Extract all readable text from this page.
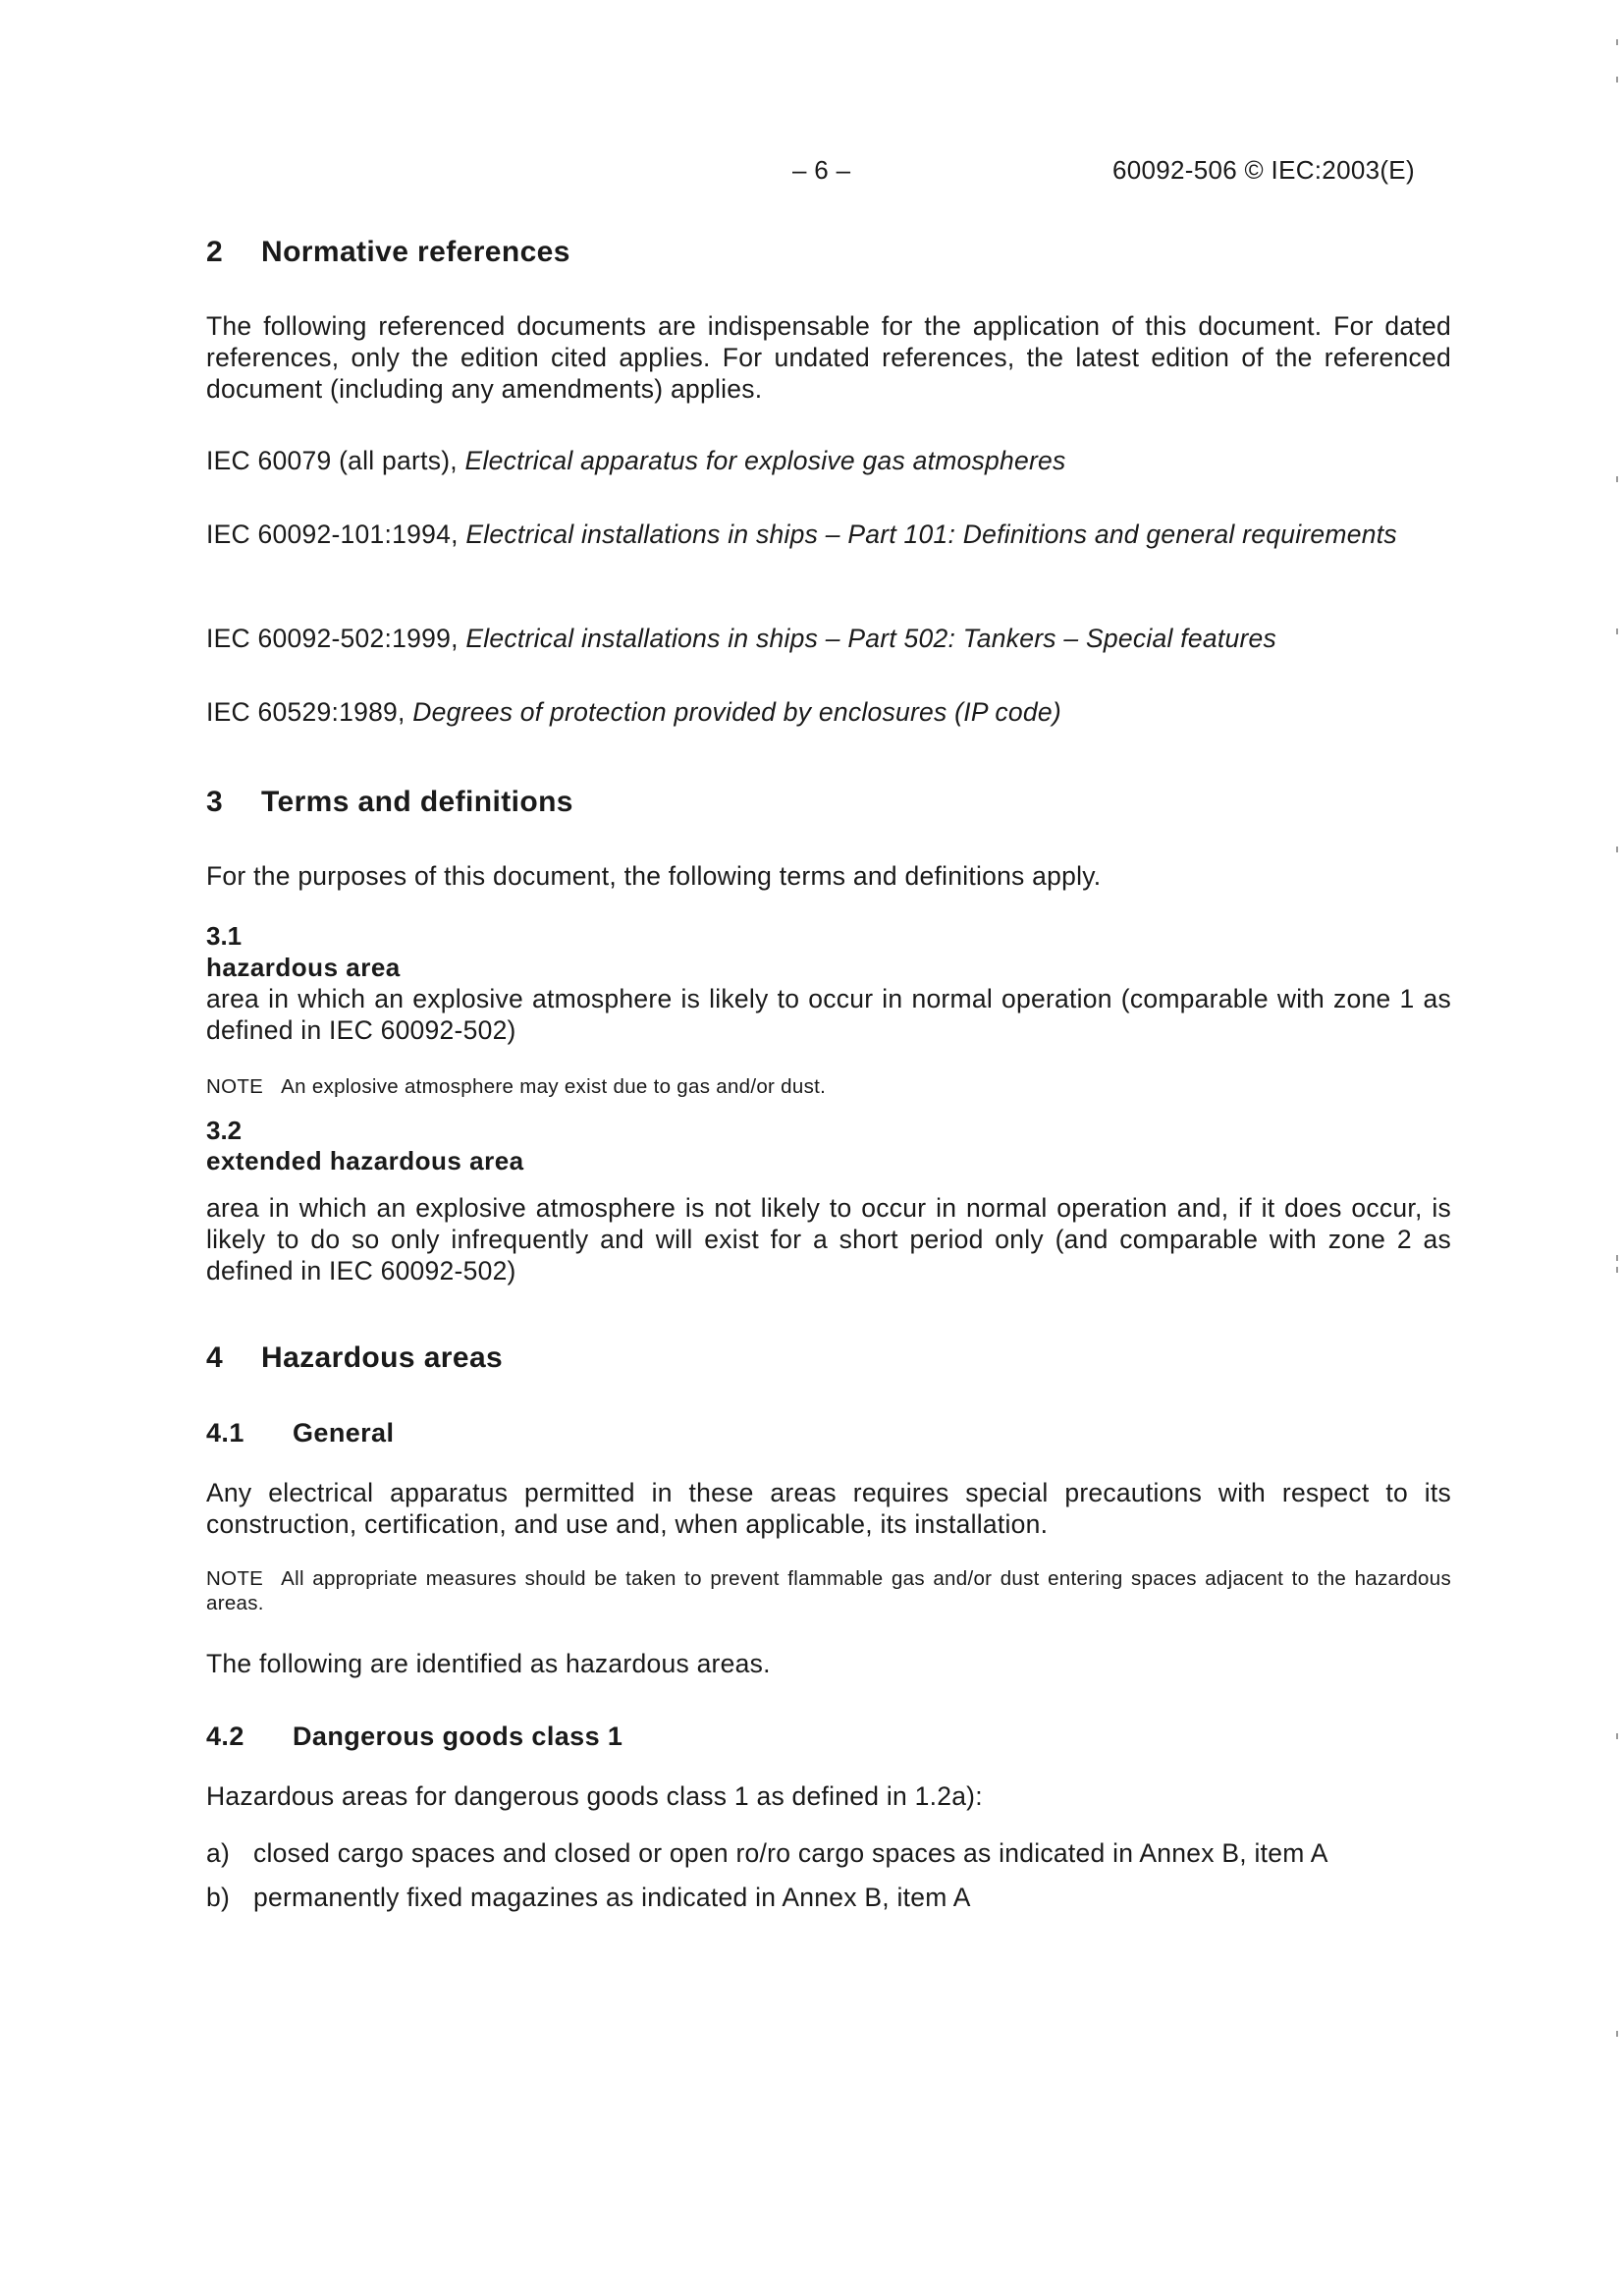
– 6 –	60092-506 © IEC:2003(E)
2 Normative references
The following referenced documents are indispensable for the application of this document. For dated references, only the edition cited applies. For undated references, the latest edition of the referenced document (including any amendments) applies.
IEC 60079 (all parts), Electrical apparatus for explosive gas atmospheres
IEC 60092-101:1994, Electrical installations in ships – Part 101: Definitions and general requirements
IEC 60092-502:1999, Electrical installations in ships – Part 502: Tankers – Special features
IEC 60529:1989, Degrees of protection provided by enclosures (IP code)
3 Terms and definitions
For the purposes of this document, the following terms and definitions apply.
3.1
hazardous area
area in which an explosive atmosphere is likely to occur in normal operation (comparable with zone 1 as defined in IEC 60092-502)
NOTE An explosive atmosphere may exist due to gas and/or dust.
3.2
extended hazardous area
area in which an explosive atmosphere is not likely to occur in normal operation and, if it does occur, is likely to do so only infrequently and will exist for a short period only (and comparable with zone 2 as defined in IEC 60092-502)
4 Hazardous areas
4.1 General
Any electrical apparatus permitted in these areas requires special precautions with respect to its construction, certification, and use and, when applicable, its installation.
NOTE All appropriate measures should be taken to prevent flammable gas and/or dust entering spaces adjacent to the hazardous areas.
The following are identified as hazardous areas.
4.2 Dangerous goods class 1
Hazardous areas for dangerous goods class 1 as defined in 1.2a):
a) closed cargo spaces and closed or open ro/ro cargo spaces as indicated in Annex B, item A
b) permanently fixed magazines as indicated in Annex B, item A
